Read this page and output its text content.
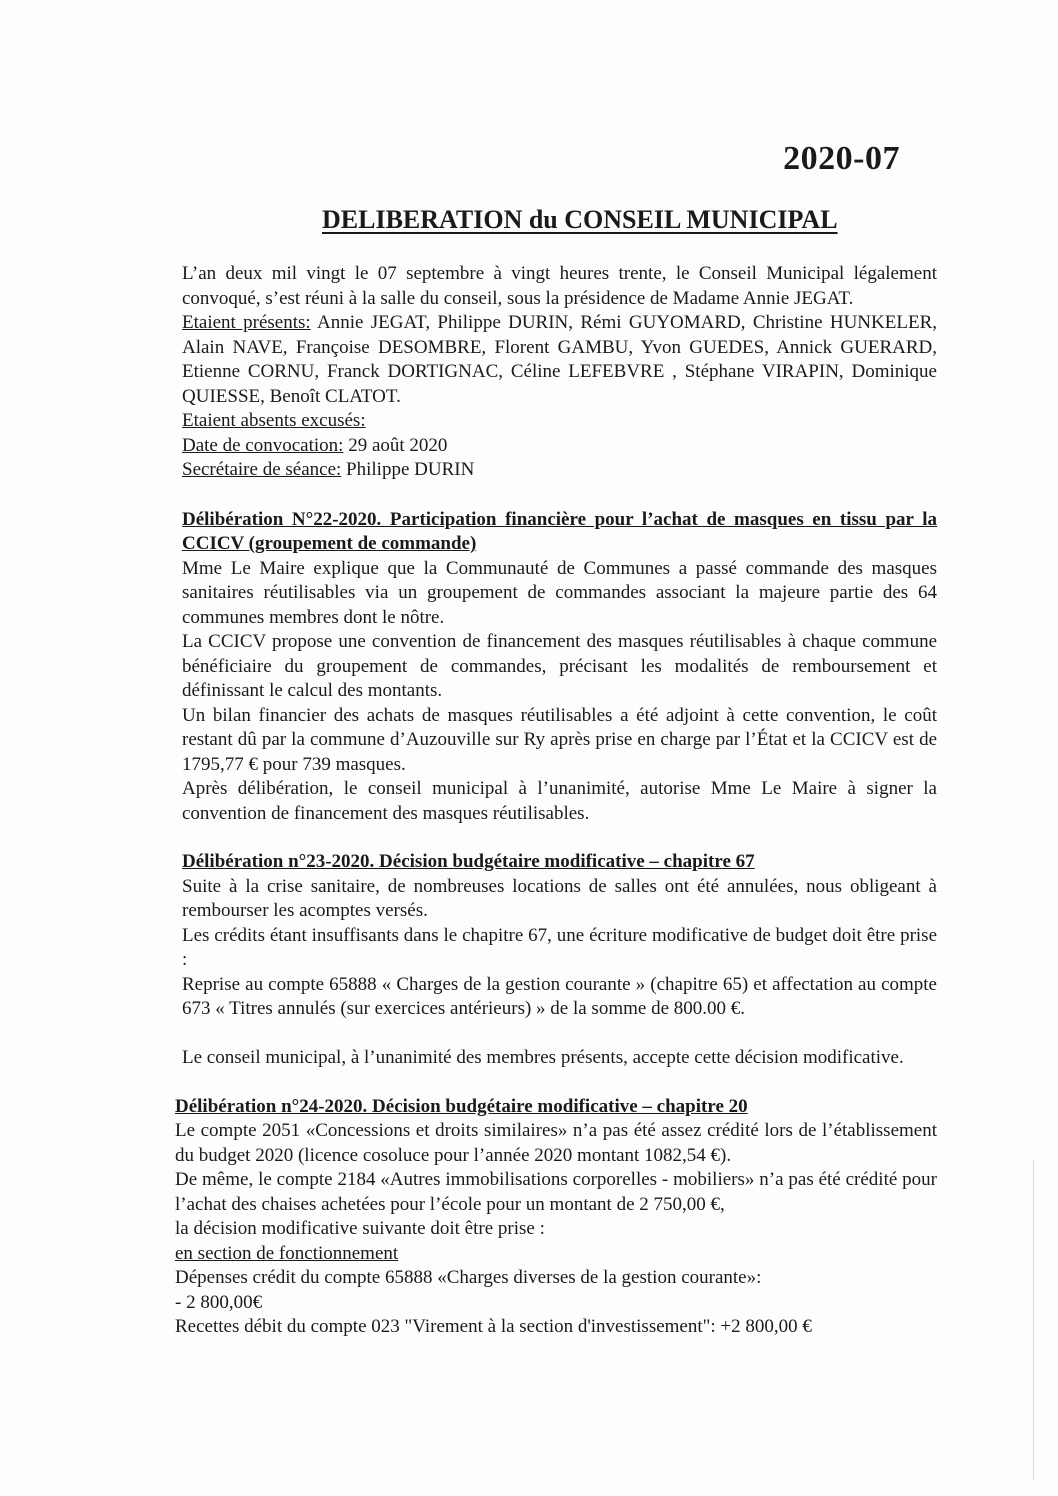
2020-07
DELIBERATION du CONSEIL MUNICIPAL

L’an deux mil vingt le 07 septembre à vingt heures trente, le Conseil Municipal légalement convoqué, s’est réuni à la salle du conseil, sous la présidence de Madame Annie JEGAT.

Etaient présents: Annie JEGAT, Philippe DURIN, Rémi GUYOMARD, Christine HUNKELER, Alain NAVE, Françoise DESOMBRE, Florent GAMBU, Yvon GUEDES, Annick GUERARD, Etienne CORNU, Franck DORTIGNAC, Céline LEFEBVRE , Stéphane VIRAPIN, Dominique QUIESSE, Benoît CLATOT.

Etaient absents excusés:

Date de convocation: 29 août 2020

Secrétaire de séance: Philippe DURIN

Délibération N°22-2020. Participation financière pour l’achat de masques en tissu par la CCICV (groupement de commande)

Mme Le Maire explique que la Communauté de Communes a passé commande des masques sanitaires réutilisables via un groupement de commandes associant la majeure partie des 64 communes membres dont le nôtre.

La CCICV propose une convention de financement des masques réutilisables à chaque commune bénéficiaire du groupement de commandes, précisant les modalités de remboursement et définissant le calcul des montants.

Un bilan financier des achats de masques réutilisables a été adjoint à cette convention, le coût restant dû par la commune d’Auzouville sur Ry après prise en charge par l’État et la CCICV est de 1795,77 € pour 739 masques.

Après délibération, le conseil municipal à l’unanimité, autorise Mme Le Maire à signer la convention de financement des masques réutilisables.

Délibération n°23-2020. Décision budgétaire modificative – chapitre 67

Suite à la crise sanitaire, de nombreuses locations de salles ont été annulées, nous obligeant à rembourser les acomptes versés.

Les crédits étant insuffisants dans le chapitre 67, une écriture modificative de budget doit être prise :

Reprise au compte 65888 « Charges de la gestion courante » (chapitre 65) et affectation au compte 673 « Titres annulés (sur exercices antérieurs) » de la somme de 800.00 €.

Le conseil municipal, à l’unanimité des membres présents, accepte cette décision modificative.

Délibération n°24-2020. Décision budgétaire modificative – chapitre 20

Le compte 2051 «Concessions et droits similaires» n’a pas été assez crédité lors de l’établissement du budget 2020 (licence cosoluce pour l’année 2020 montant 1082,54 €).

De même, le compte 2184 «Autres immobilisations corporelles - mobiliers» n’a pas été crédité pour l’achat des chaises achetées pour l’école pour un montant de 2 750,00 €,

la décision modificative suivante doit être prise :

en section de fonctionnement

Dépenses crédit du compte 65888 «Charges diverses de la gestion courante»:

- 2 800,00€

Recettes débit du compte 023 "Virement à la section d'investissement": +2 800,00 €
